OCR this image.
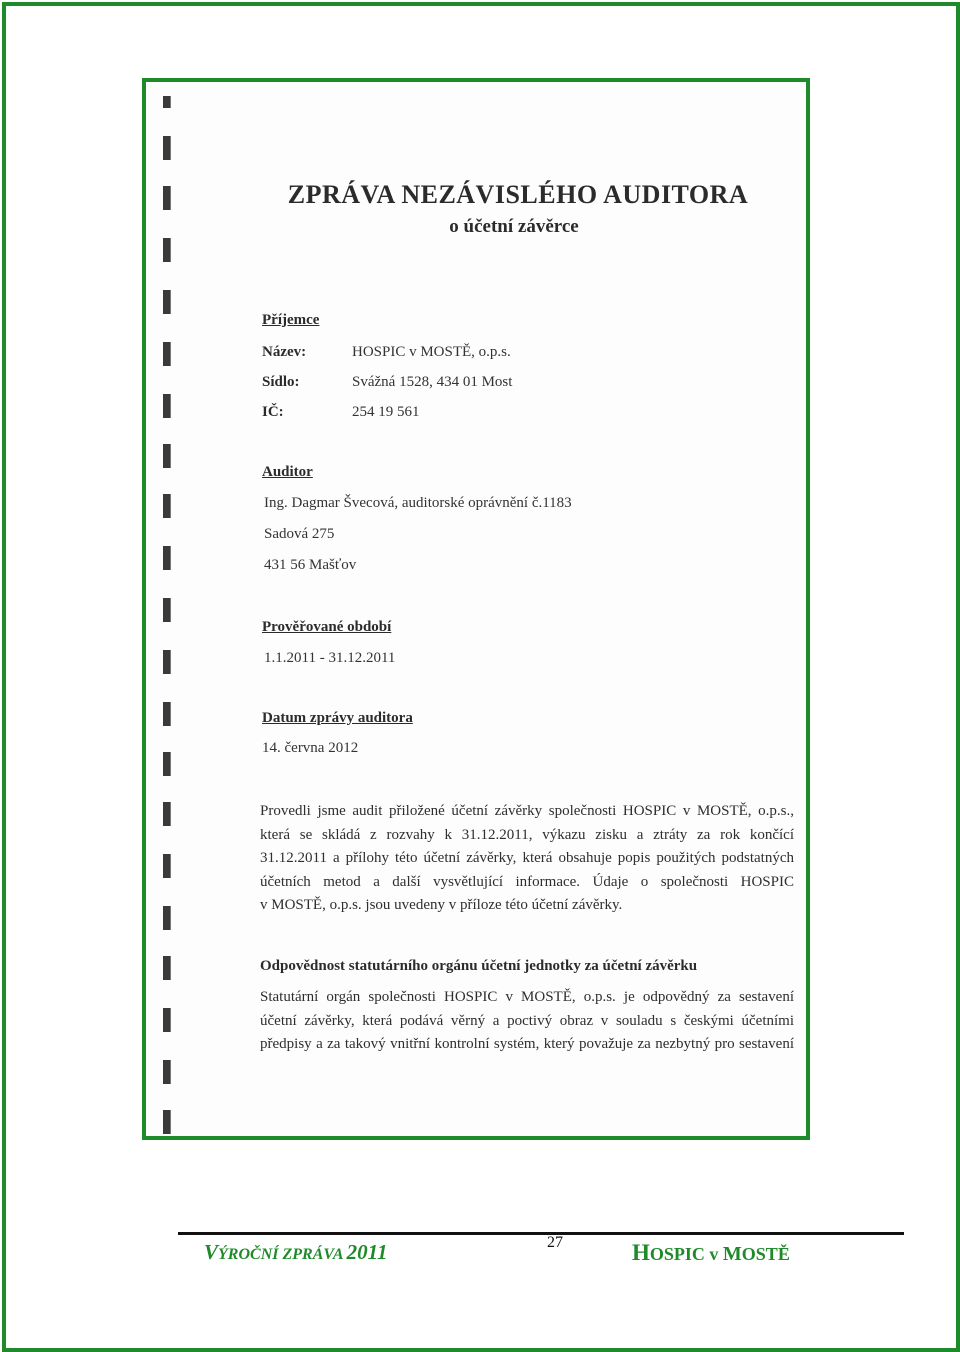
ZPRÁVA NEZÁVISLÉHO AUDITORA
o účetní závěrce
Příjemce
Název:	HOSPIC v MOSTĚ, o.p.s.
Sídlo:	Svážná 1528, 434 01 Most
IČ:	254 19 561
Auditor
Ing. Dagmar Švecová, auditorské oprávnění č.1183
Sadová 275
431 56 Mašťov
Prověřované období
1.1.2011 - 31.12.2011
Datum zprávy auditora
14. června 2012
Provedli jsme audit přiložené účetní závěrky společnosti HOSPIC v MOSTĚ, o.p.s.,
která se skládá z rozvahy k 31.12.2011, výkazu zisku a ztráty za rok končící
31.12.2011 a přílohy této účetní závěrky, která obsahuje popis použitých podstatných
účetních metod a další vysvětlující informace. Údaje o společnosti HOSPIC
v MOSTĚ, o.p.s. jsou uvedeny v příloze této účetní závěrky.
Odpovědnost statutárního orgánu účetní jednotky za účetní závěrku
Statutární orgán společnosti HOSPIC v MOSTĚ, o.p.s. je odpovědný za sestavení
účetní závěrky, která podává věrný a poctivý obraz v souladu s českými účetními
předpisy a za takový vnitřní kontrolní systém, který považuje za nezbytný pro sestavení
VÝROČNÍ ZPRÁVA 2011	27	HOSPIC v MOSTĚ
